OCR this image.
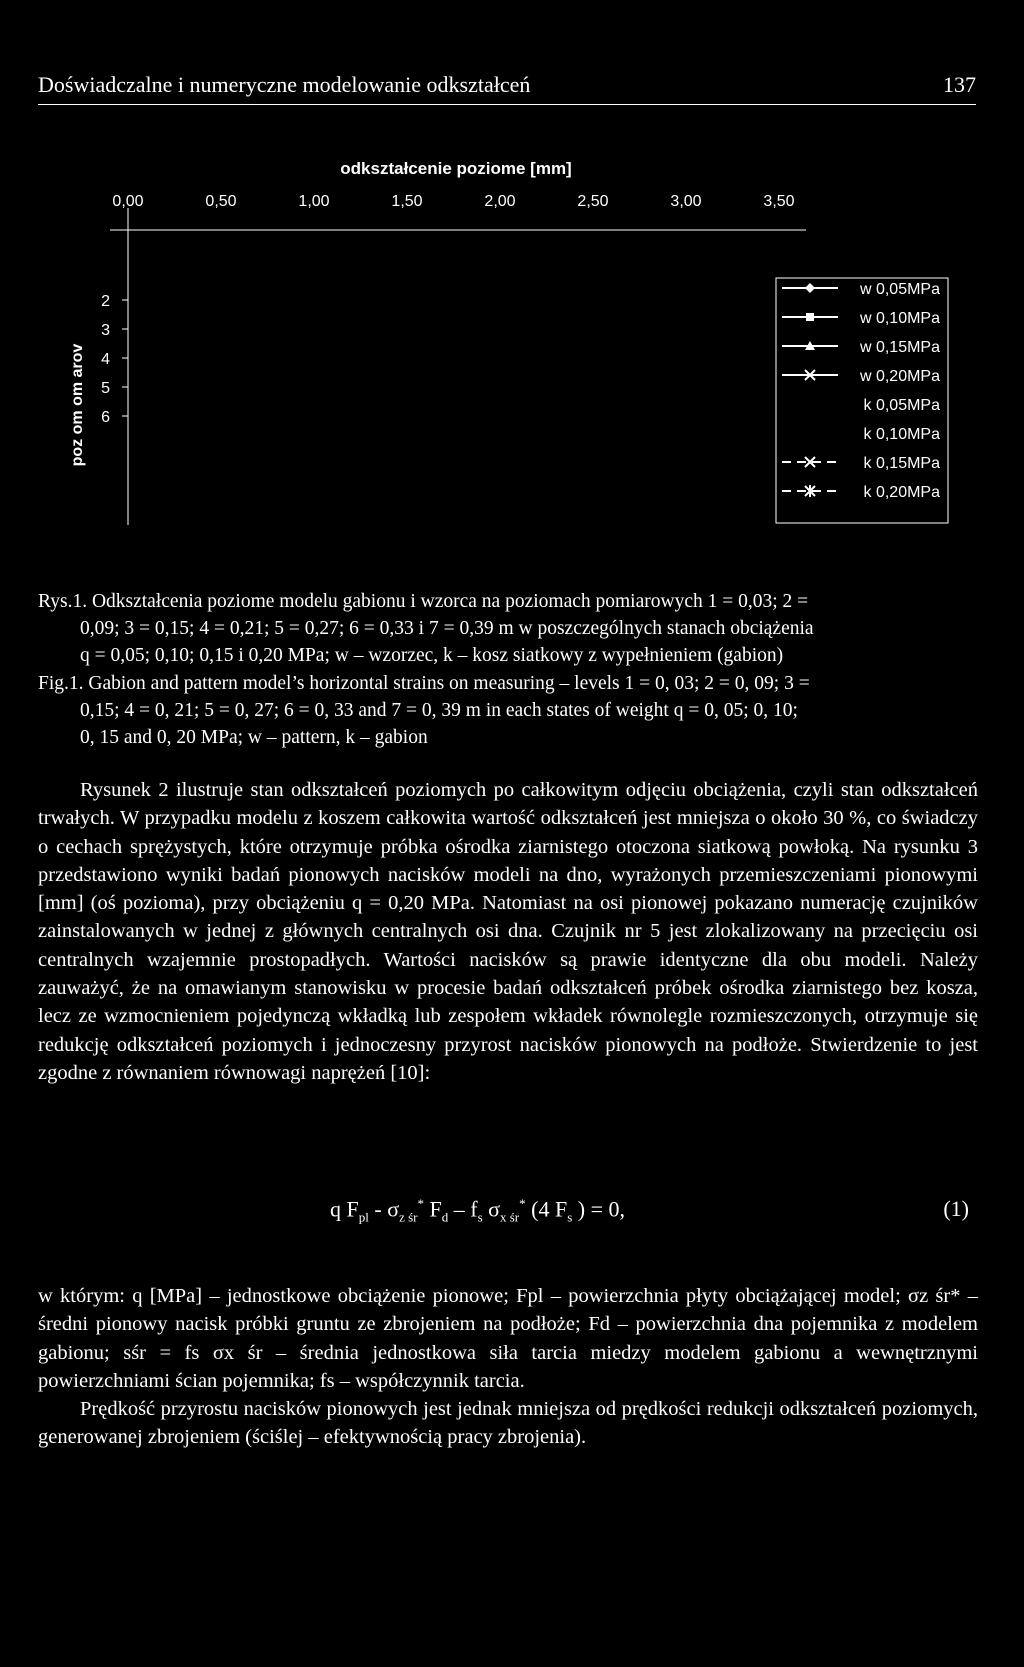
Doświadczalne i numeryczne modelowanie odkształceń	137
odkształcenie poziome [mm]
0,00	0,50	1,00	1,50	2,00	2,50	3,00	3,50
2
3
4
5
6
poz om om arov
w 0,05MPa
w 0,10MPa
w 0,15MPa
w 0,20MPa
k 0,05MPa
k 0,10MPa
k 0,15MPa
k 0,20MPa
Rys.1. Odkształcenia poziome modelu gabionu i wzorca na poziomach pomiarowych 1 = 0,03; 2 =
0,09; 3 = 0,15; 4 = 0,21; 5 = 0,27; 6 = 0,33 i 7 = 0,39 m w poszczególnych stanach obciążenia
q = 0,05; 0,10; 0,15 i 0,20 MPa; w – wzorzec, k – kosz siatkowy z wypełnieniem (gabion)
Fig.1. Gabion and pattern model’s horizontal strains on measuring – levels 1 = 0, 03; 2 = 0, 09; 3 =
0,15; 4 = 0, 21; 5 = 0, 27; 6 = 0, 33 and 7 = 0, 39 m in each states of weight q = 0, 05; 0, 10;
0, 15 and 0, 20 MPa; w – pattern, k – gabion

Rysunek 2 ilustruje stan odkształceń poziomych po całkowitym odjęciu obciążenia, czyli stan odkształceń trwałych. W przypadku modelu z koszem całkowita wartość odkształceń jest mniejsza o około 30 %, co świadczy o cechach sprężystych, które otrzymuje próbka ośrodka ziarnistego otoczona siatkową powłoką. Na rysunku 3 przedstawiono wyniki badań pionowych nacisków modeli na dno, wyrażonych przemieszczeniami pionowymi [mm] (oś pozioma), przy obciążeniu q = 0,20 MPa. Natomiast na osi pionowej pokazano numerację czujników zainstalowanych w jednej z głównych centralnych osi dna. Czujnik nr 5 jest zlokalizowany na przecięciu osi centralnych wzajemnie prostopadłych. Wartości nacisków są prawie identyczne dla obu modeli. Należy zauważyć, że na omawianym stanowisku w procesie badań odkształceń próbek ośrodka ziarnistego bez kosza, lecz ze wzmocnieniem pojedynczą wkładką lub zespołem wkładek równolegle rozmieszczonych, otrzymuje się redukcję odkształceń poziomych i jednoczesny przyrost nacisków pionowych na podłoże. Stwierdzenie to jest zgodne z równaniem równowagi naprężeń [10]:

q $F_{pl} - \sigma_{z śr}^*$ $F_d - f_s$ $\sigma_{x śr}^*$ (4 $F_s$ ) = 0,	(1)

w którym: q [MPa] – jednostkowe obciążenie pionowe; Fpl – powierzchnia płyty obciążającej model; σz śr* – średni pionowy nacisk próbki gruntu ze zbrojeniem na podłoże; Fd – powierzchnia dna pojemnika z modelem gabionu; sśr = fs σx śr – średnia jednostkowa siła tarcia miedzy modelem gabionu a wewnętrznymi powierzchniami ścian pojemnika; fs – współczynnik tarcia.

Prędkość przyrostu nacisków pionowych jest jednak mniejsza od prędkości redukcji odkształceń poziomych, generowanej zbrojeniem (ściślej – efektywnością pracy zbrojenia).
